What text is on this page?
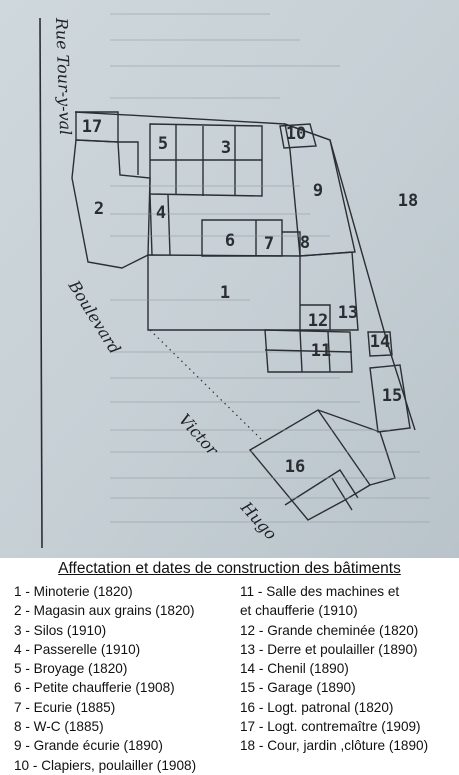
Rue Tour-y-val
Boulevard
Victor
Hugo
17	10
5	3
9	18
2	4
6 7 8
1
12 13
11 14
15
16
Affectation et dates de construction des bâtiments
1 - Minoterie (1820)
2 - Magasin aux grains (1820)
3 - Silos (1910)
4 - Passerelle (1910)
5 - Broyage (1820)
6 - Petite chaufferie (1908)
7 - Ecurie (1885)
8 - W-C (1885)
9 - Grande écurie (1890)
10 - Clapiers, poulailler (1908)
11 - Salle des machines et
et chaufferie (1910)
12 - Grande cheminée (1820)
13 - Derre et poulailler (1890)
14 - Chenil (1890)
15 - Garage (1890)
16 - Logt. patronal (1820)
17 - Logt. contremaître (1909)
18 - Cour, jardin ,clôture (1890)
